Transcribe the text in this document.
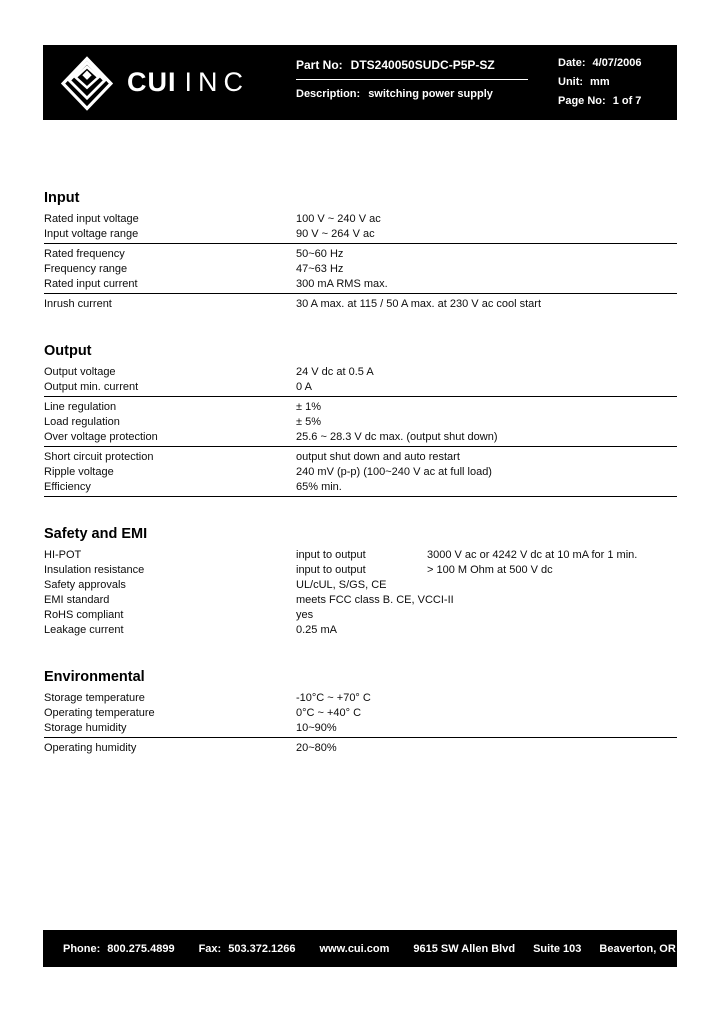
CUI INC
Part No: DTS240050SUDC-P5P-SZ
Description: switching power supply
Date: 4/07/2006
Unit: mm
Page No: 1 of 7
Input
Rated input voltage	100 V ~ 240 V ac
Input voltage range	90 V ~ 264 V ac
Rated frequency	50~60 Hz
Frequency range	47~63 Hz
Rated input current	300 mA RMS max.
Inrush current	30 A max. at 115 / 50 A max. at 230 V ac cool start
Output
Output voltage	24 V dc at 0.5 A
Output min. current	0 A
Line regulation	± 1%
Load regulation	± 5%
Over voltage protection	25.6 ~ 28.3 V dc max. (output shut down)
Short circuit protection	output shut down and auto restart
Ripple voltage	240 mV (p-p) (100~240 V ac at full load)
Efficiency	65% min.
Safety and EMI
HI-POT	input to output	3000 V ac or 4242 V dc at 10 mA for 1 min.
Insulation resistance	input to output	> 100 M Ohm at 500 V dc
Safety approvals	UL/cUL, S/GS, CE
EMI standard	meets FCC class B. CE, VCCI-II
RoHS compliant	yes
Leakage current	0.25 mA
Environmental
Storage temperature	-10°C ~ +70° C
Operating temperature	0°C ~ +40° C
Storage humidity	10~90%
Operating humidity	20~80%
Phone: 800.275.4899 Fax: 503.372.1266 www.cui.com 9615 SW Allen Blvd Suite 103 Beaverton, OR 97005
